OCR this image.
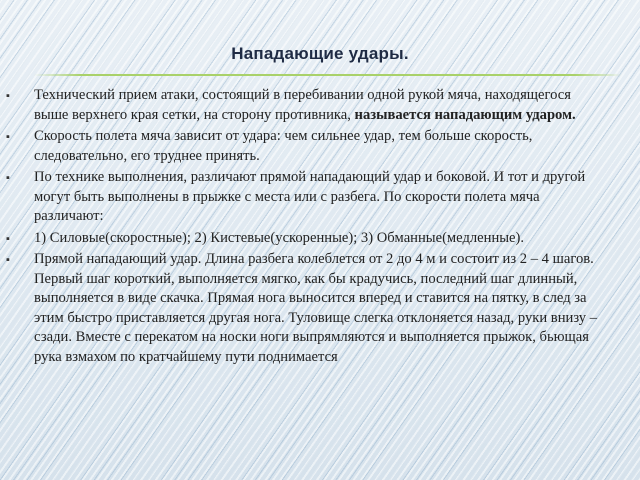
Нападающие удары.
▪ Технический прием атаки, состоящий в перебивании одной рукой мяча, находящегося выше верхнего края сетки, на сторону противника, называется нападающим ударом.
▪ Скорость полета мяча зависит от удара: чем сильнее удар, тем больше скорость, следовательно, его труднее принять.
▪ По технике выполнения, различают прямой нападающий удар и боковой. И тот и другой могут быть выполнены в прыжке с места или с разбега. По скорости полета мяча различают:
▪ 1) Силовые(скоростные); 2) Кистевые(ускоренные); 3) Обманные(медленные).
▪ Прямой нападающий удар. Длина разбега колеблется от 2 до 4 м и состоит из 2 – 4 шагов. Первый шаг короткий, выполняется мягко, как бы крадучись, последний шаг длинный, выполняется в виде скачка. Прямая нога выносится вперед и ставится на пятку, в след за этим быстро приставляется другая нога. Туловище слегка отклоняется назад, руки внизу –сзади. Вместе с перекатом на носки ноги выпрямляются и выполняется прыжок, бьющая рука взмахом по кратчайшему пути поднимается
